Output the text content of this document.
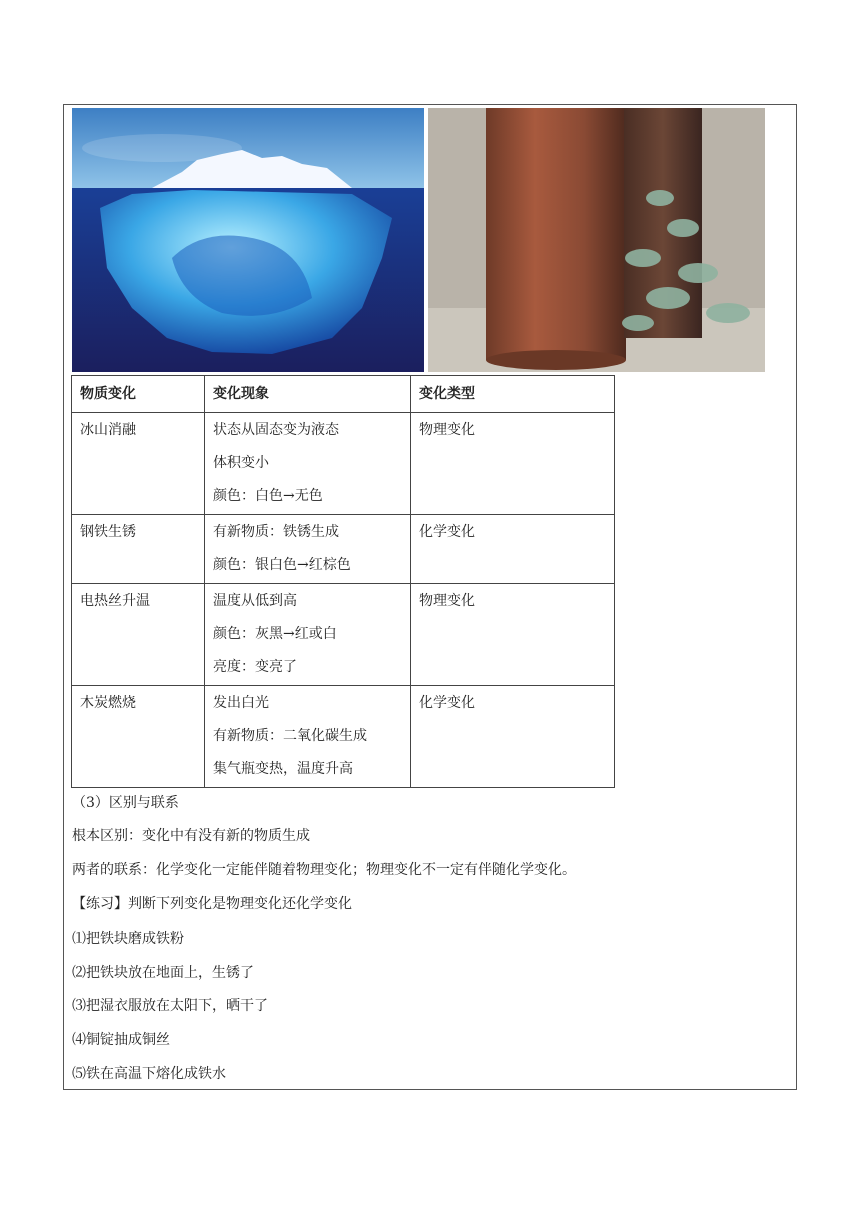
物质变化	变化现象	变化类型
冰山消融	状态从固态变为液态
体积变小
颜色：白色→无色	物理变化
钢铁生锈	有新物质：铁锈生成
颜色：银白色→红棕色	化学变化
电热丝升温	温度从低到高
颜色：灰黑→红或白
亮度：变亮了	物理变化
木炭燃烧	发出白光
有新物质：二氧化碳生成
集气瓶变热，温度升高	化学变化
（3）区别与联系
根本区别：变化中有没有新的物质生成
两者的联系：化学变化一定能伴随着物理变化；物理变化不一定有伴随化学变化。
【练习】判断下列变化是物理变化还化学变化
⑴把铁块磨成铁粉
⑵把铁块放在地面上，生锈了
⑶把湿衣服放在太阳下，晒干了
⑷铜锭抽成铜丝
⑸铁在高温下熔化成铁水
